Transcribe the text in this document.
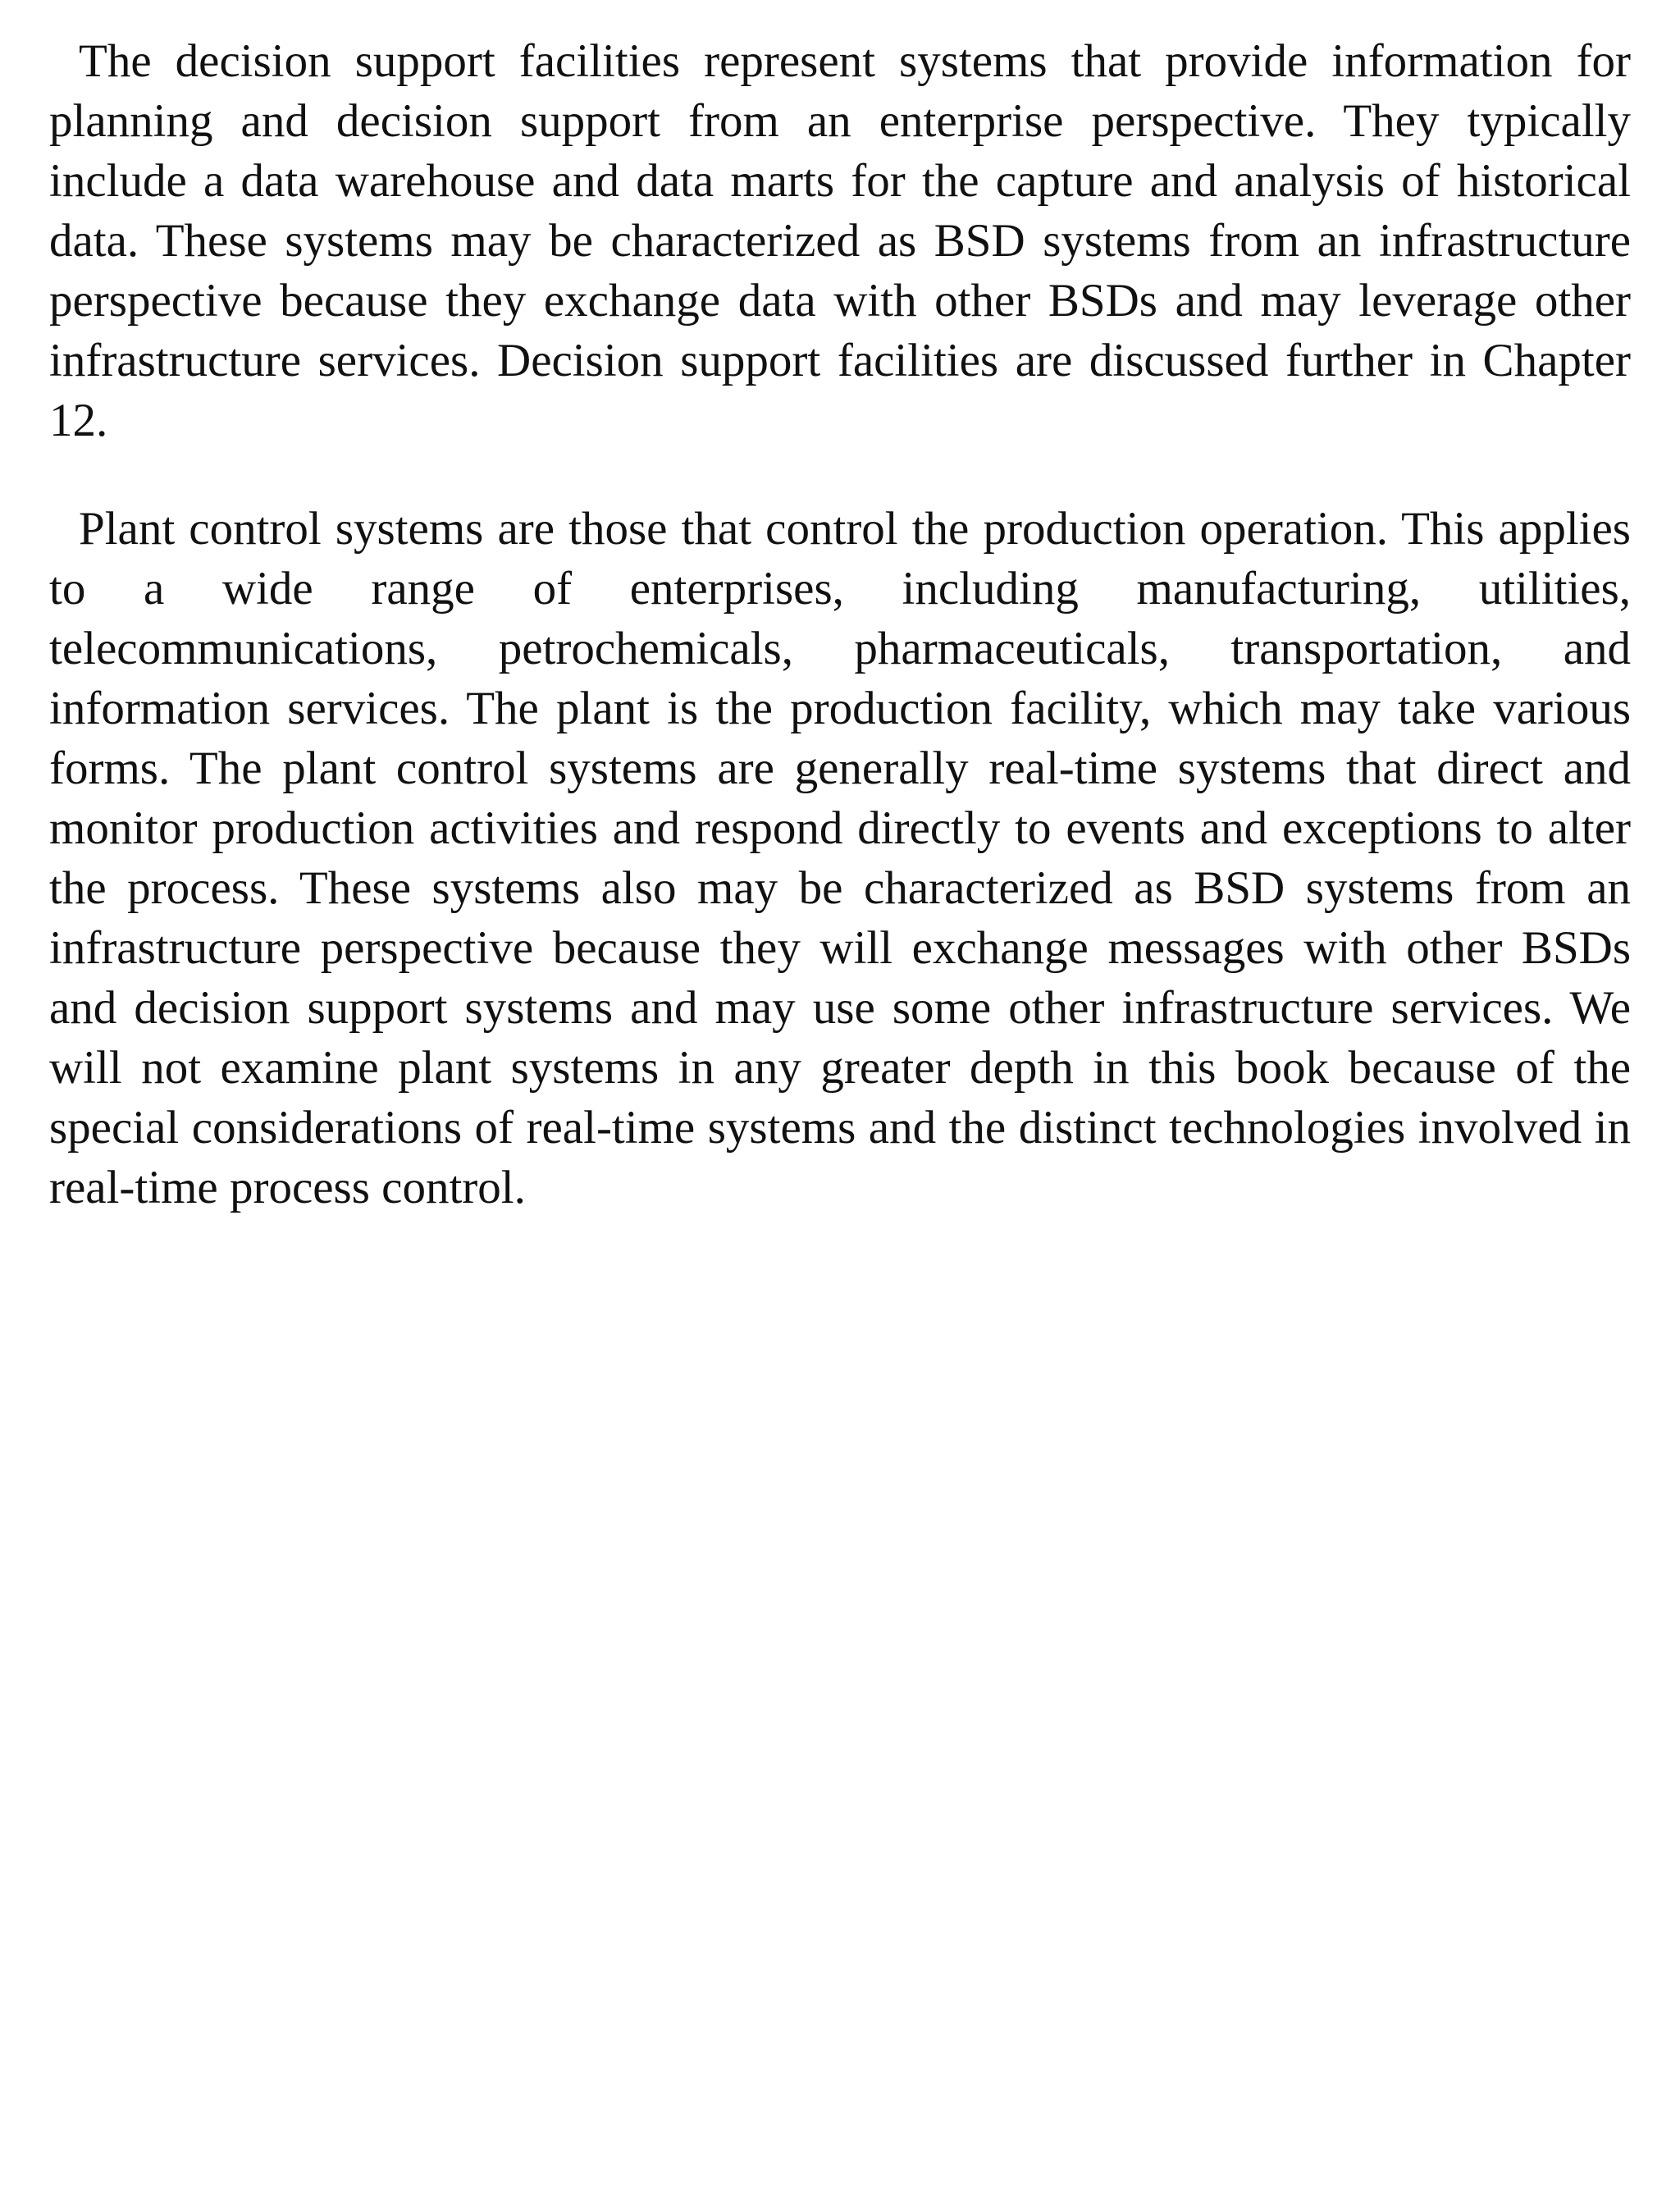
The decision support facilities represent systems that provide information for planning and decision support from an enterprise perspective. They typically include a data warehouse and data marts for the capture and analysis of historical data. These systems may be characterized as BSD systems from an infrastructure perspective because they exchange data with other BSDs and may leverage other infrastructure services. Decision support facilities are discussed further in Chapter 12.

Plant control systems are those that control the production operation. This applies to a wide range of enterprises, including manufacturing, utilities, telecommunications, petrochemicals, pharmaceuticals, transportation, and information services. The plant is the production facility, which may take various forms. The plant control systems are generally real-time systems that direct and monitor production activities and respond directly to events and exceptions to alter the process. These systems also may be characterized as BSD systems from an infrastructure perspective because they will exchange messages with other BSDs and decision support systems and may use some other infrastructure services. We will not examine plant systems in any greater depth in this book because of the special considerations of real-time systems and the distinct technologies involved in real-time process control.
